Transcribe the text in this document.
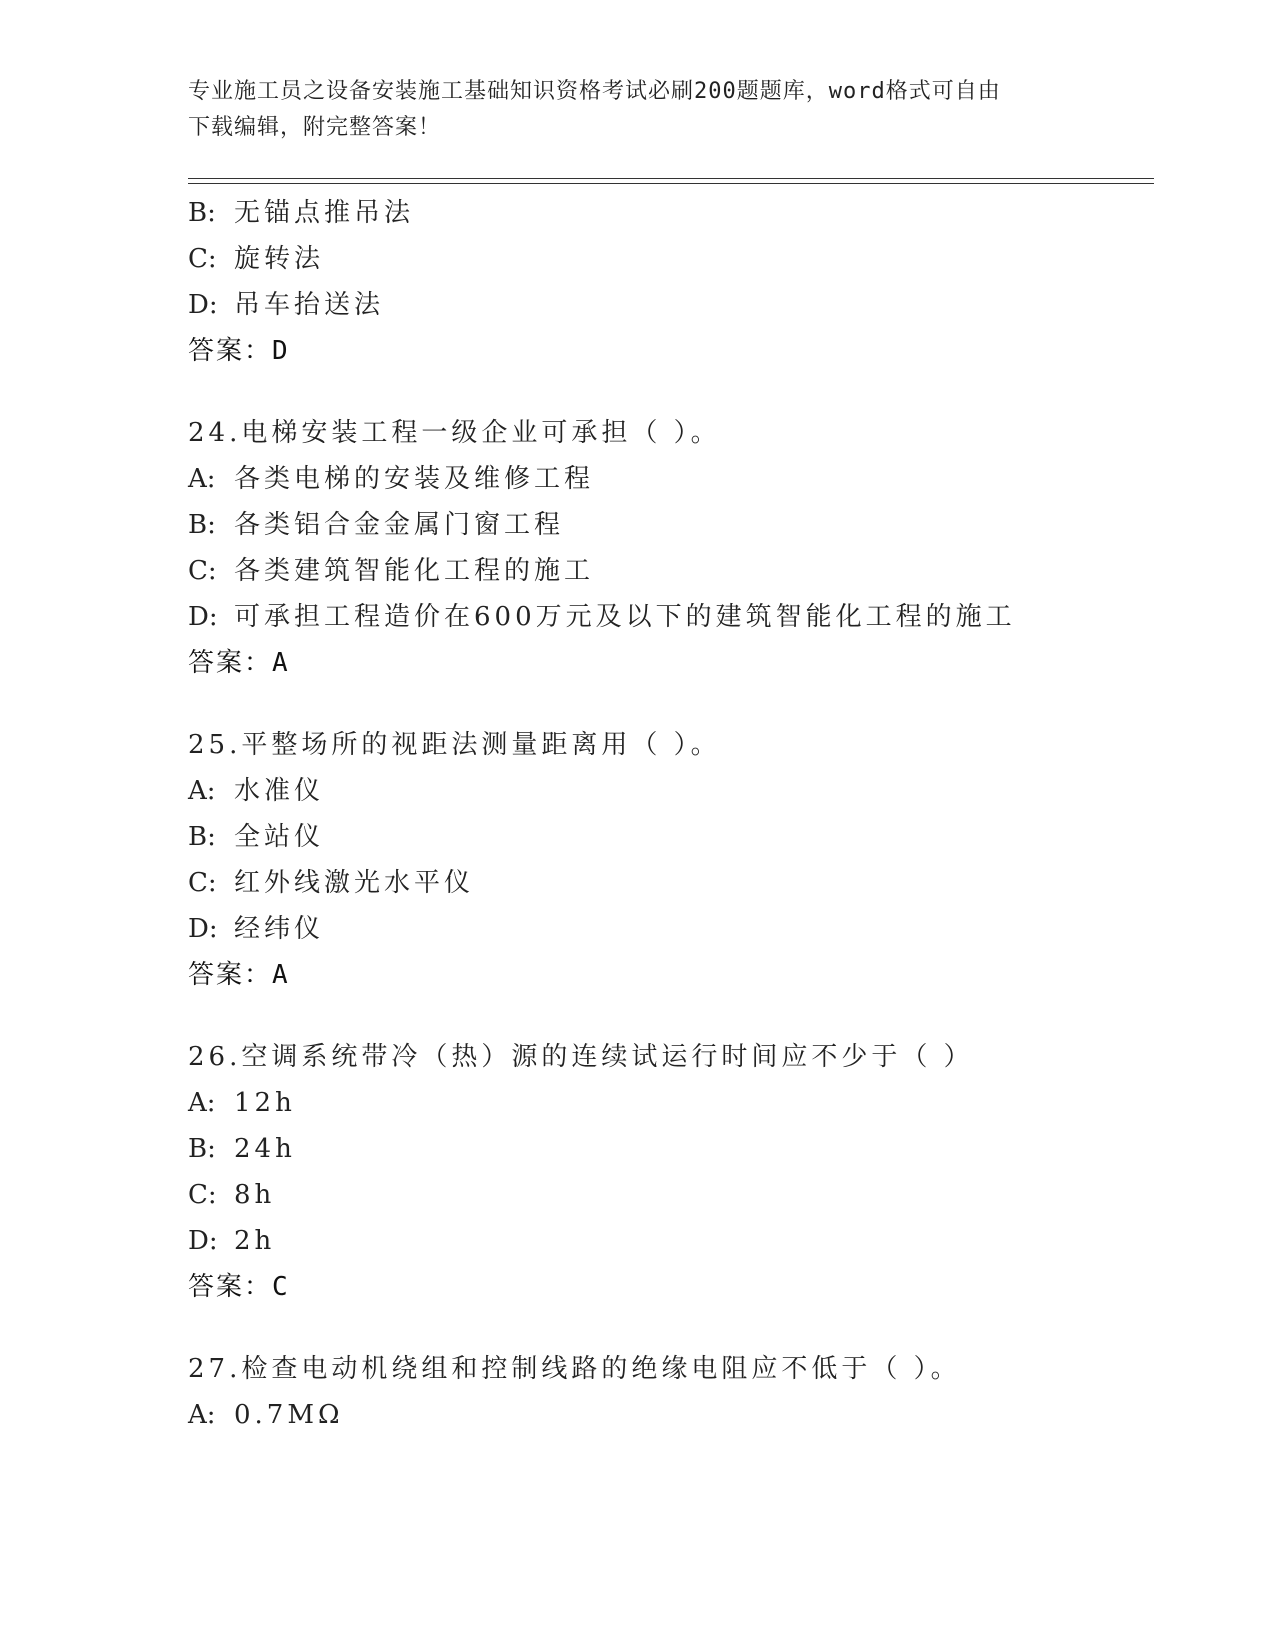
专业施工员之设备安装施工基础知识资格考试必刷200题题库，word格式可自由
下载编辑，附完整答案！
B: 无锚点推吊法
C: 旋转法
D: 吊车抬送法
答案：D
24.电梯安装工程一级企业可承担（ ）。
A: 各类电梯的安装及维修工程
B: 各类铝合金金属门窗工程
C: 各类建筑智能化工程的施工
D: 可承担工程造价在600万元及以下的建筑智能化工程的施工
答案：A
25.平整场所的视距法测量距离用（ ）。
A: 水准仪
B: 全站仪
C: 红外线激光水平仪
D: 经纬仪
答案：A
26.空调系统带冷（热）源的连续试运行时间应不少于（ ）
A: 12h
B: 24h
C: 8h
D: 2h
答案：C
27.检查电动机绕组和控制线路的绝缘电阻应不低于（ ）。
A: 0.7MΩ
